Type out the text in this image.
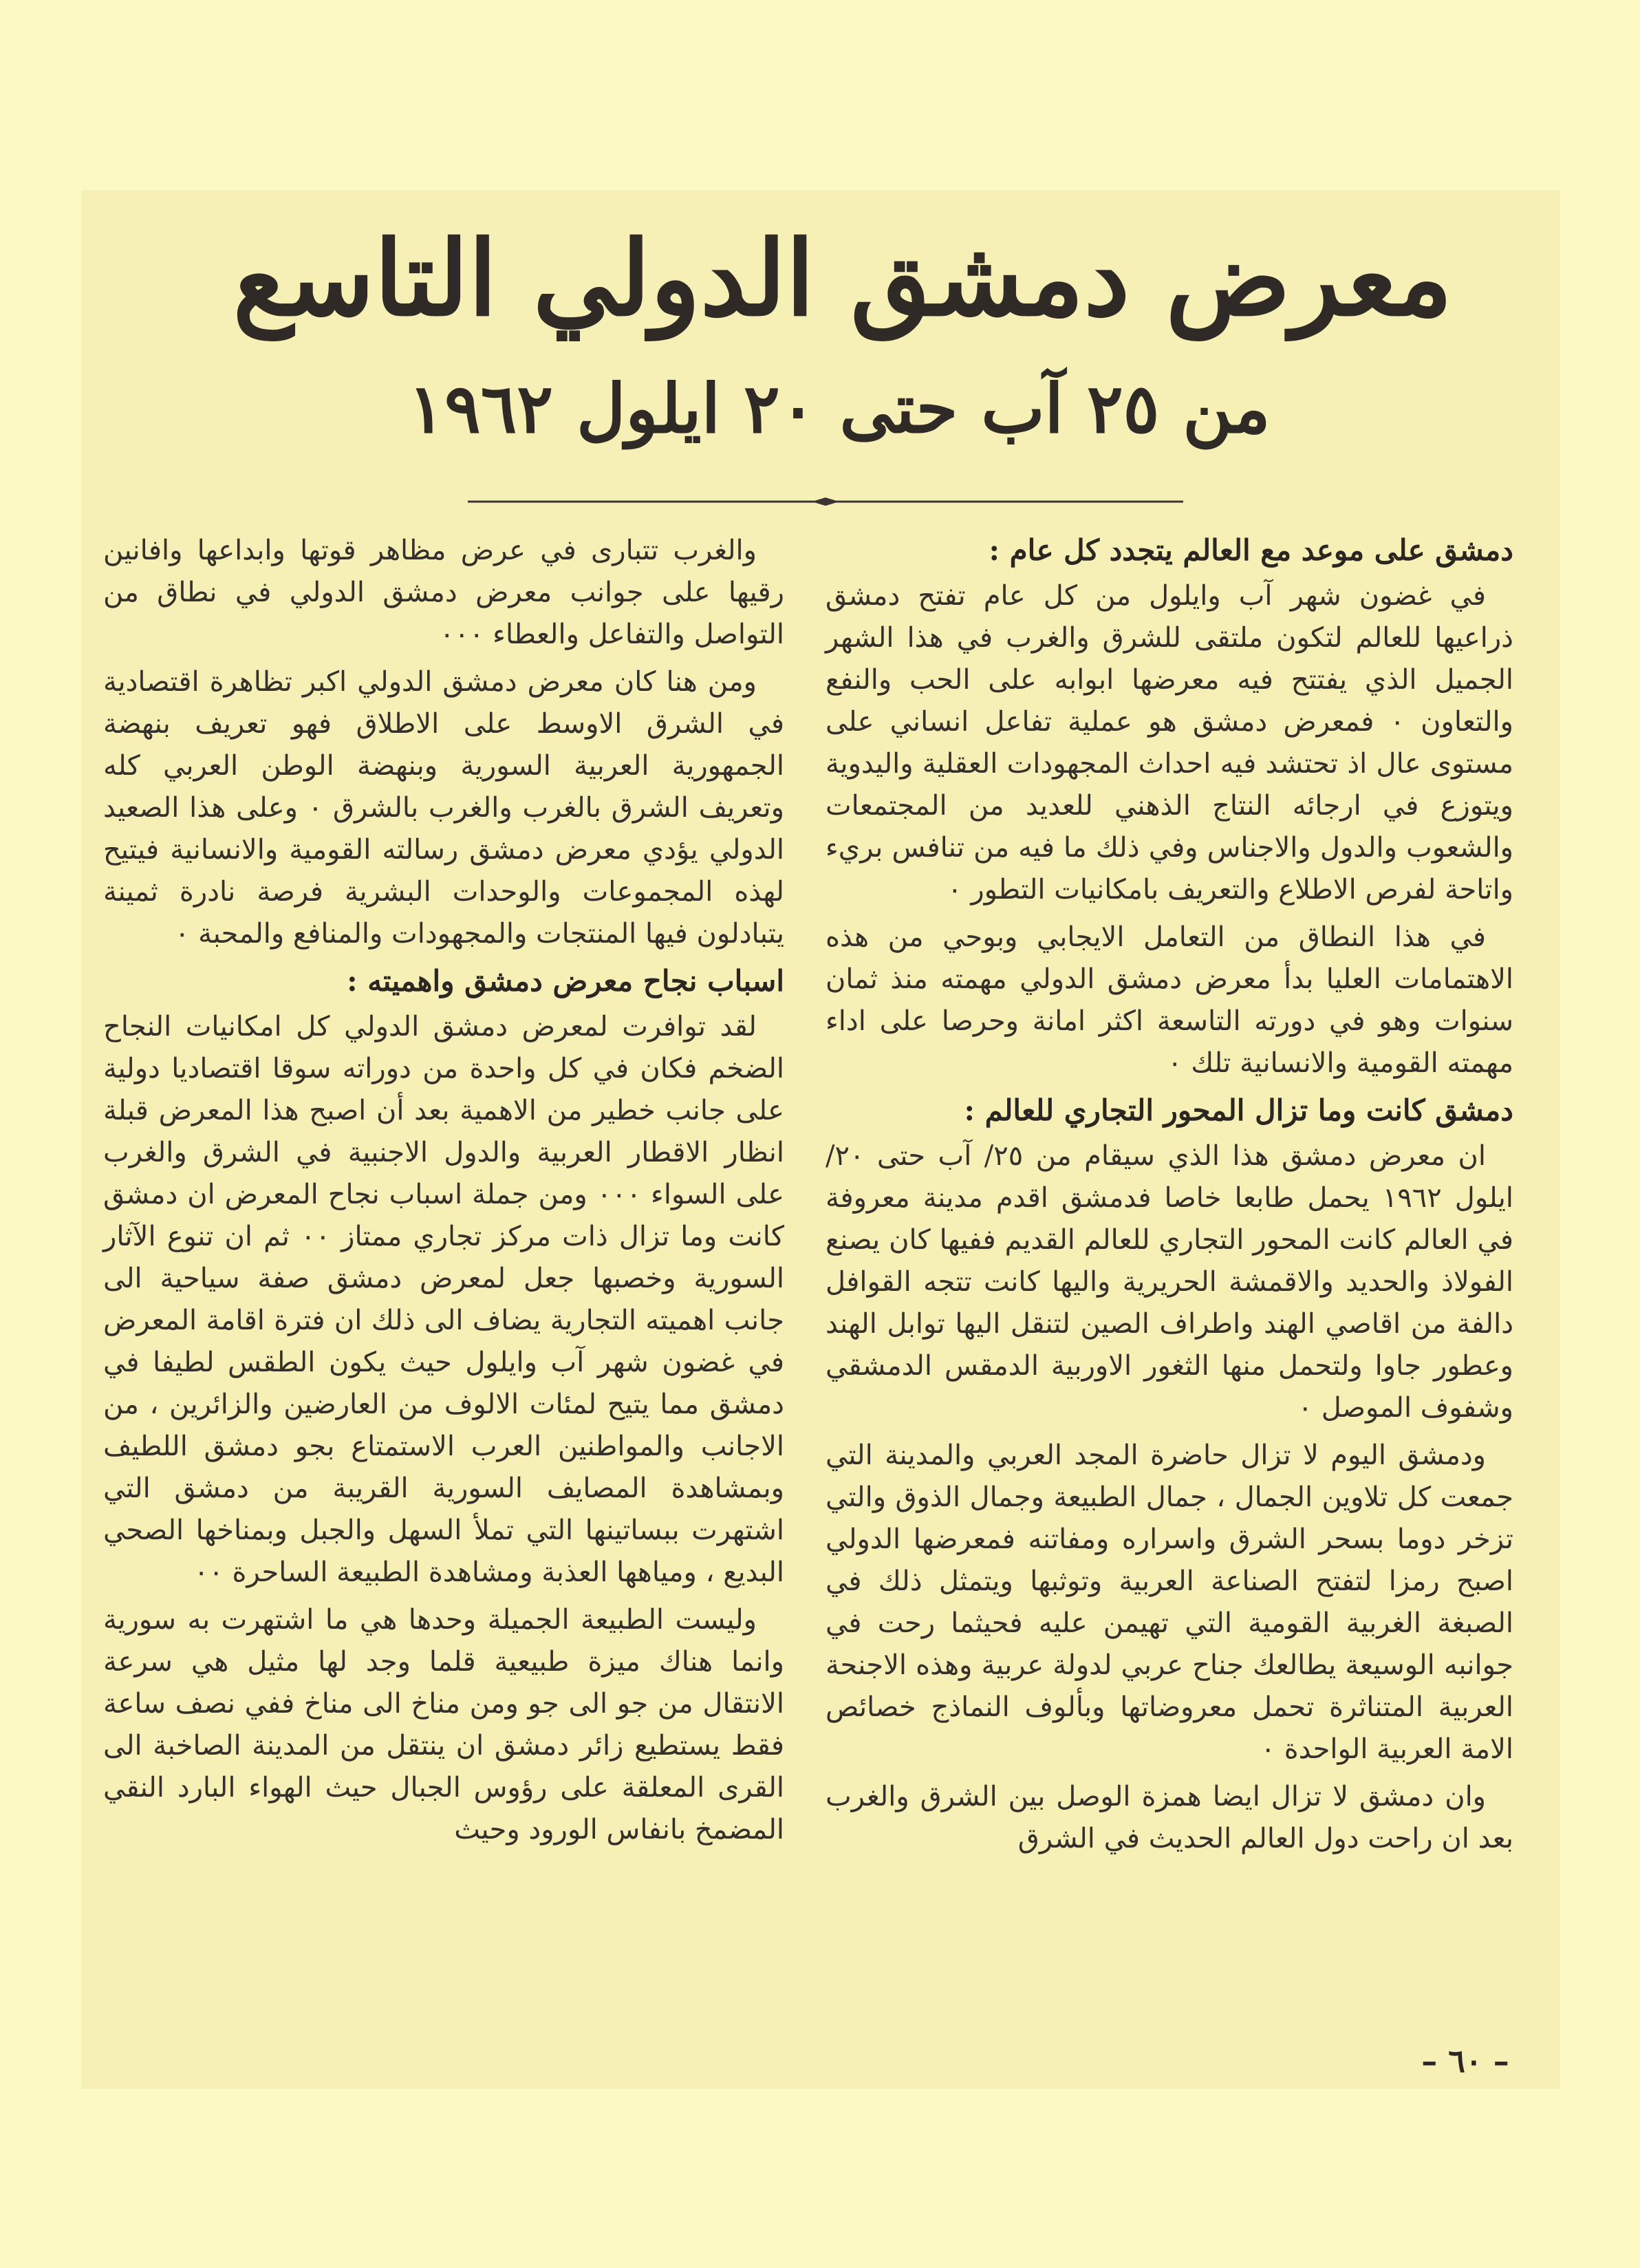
معرض دمشق الدولي التاسع
من ٢٥ آب حتى ٢٠ ايلول ١٩٦٢
دمشق على موعد مع العالم يتجدد كل عام :

في غضون شهر آب وايلول من كل عام تفتح دمشق ذراعيها للعالم لتكون ملتقى للشرق والغرب في هذا الشهر الجميل الذي يفتتح فيه معرضها ابوابه على الحب والنفع والتعاون ٠ فمعرض دمشق هو عملية تفاعل انساني على مستوى عال اذ تحتشد فيه احداث المجهودات العقلية واليدوية ويتوزع في ارجائه النتاج الذهني للعديد من المجتمعات والشعوب والدول والاجناس وفي ذلك ما فيه من تنافس بريء واتاحة لفرص الاطلاع والتعريف بامكانيات التطور ٠

في هذا النطاق من التعامل الايجابي وبوحي من هذه الاهتمامات العليا بدأ معرض دمشق الدولي مهمته منذ ثمان سنوات وهو في دورته التاسعة اكثر امانة وحرصا على اداء مهمته القومية والانسانية تلك ٠

دمشق كانت وما تزال المحور التجاري للعالم :

ان معرض دمشق هذا الذي سيقام من ٢٥/ آب حتى ٢٠/ ايلول ١٩٦٢ يحمل طابعا خاصا فدمشق اقدم مدينة معروفة في العالم كانت المحور التجاري للعالم القديم ففيها كان يصنع الفولاذ والحديد والاقمشة الحريرية واليها كانت تتجه القوافل دالفة من اقاصي الهند واطراف الصين لتنقل اليها توابل الهند وعطور جاوا ولتحمل منها الثغور الاوربية الدمقس الدمشقي وشفوف الموصل ٠

ودمشق اليوم لا تزال حاضرة المجد العربي والمدينة التي جمعت كل تلاوين الجمال ، جمال الطبيعة وجمال الذوق والتي تزخر دوما بسحر الشرق واسراره ومفاتنه فمعرضها الدولي اصبح رمزا لتفتح الصناعة العربية وتوثبها ويتمثل ذلك في الصبغة الغربية القومية التي تهيمن عليه فحيثما رحت في جوانبه الوسيعة يطالعك جناح عربي لدولة عربية وهذه الاجنحة العربية المتناثرة تحمل معروضاتها وبألوف النماذج خصائص الامة العربية الواحدة ٠

وان دمشق لا تزال ايضا همزة الوصل بين الشرق والغرب بعد ان راحت دول العالم الحديث في الشرق

والغرب تتبارى في عرض مظاهر قوتها وابداعها وافانين رقيها على جوانب معرض دمشق الدولي في نطاق من التواصل والتفاعل والعطاء ٠٠٠

ومن هنا كان معرض دمشق الدولي اكبر تظاهرة اقتصادية في الشرق الاوسط على الاطلاق فهو تعريف بنهضة الجمهورية العربية السورية وبنهضة الوطن العربي كله وتعريف الشرق بالغرب والغرب بالشرق ٠ وعلى هذا الصعيد الدولي يؤدي معرض دمشق رسالته القومية والانسانية فيتيح لهذه المجموعات والوحدات البشرية فرصة نادرة ثمينة يتبادلون فيها المنتجات والمجهودات والمنافع والمحبة ٠

اسباب نجاح معرض دمشق واهميته :

لقد توافرت لمعرض دمشق الدولي كل امكانيات النجاح الضخم فكان في كل واحدة من دوراته سوقا اقتصاديا دولية على جانب خطير من الاهمية بعد أن اصبح هذا المعرض قبلة انظار الاقطار العربية والدول الاجنبية في الشرق والغرب على السواء ٠٠٠ ومن جملة اسباب نجاح المعرض ان دمشق كانت وما تزال ذات مركز تجاري ممتاز ٠٠ ثم ان تنوع الآثار السورية وخصبها جعل لمعرض دمشق صفة سياحية الى جانب اهميته التجارية يضاف الى ذلك ان فترة اقامة المعرض في غضون شهر آب وايلول حيث يكون الطقس لطيفا في دمشق مما يتيح لمئات الالوف من العارضين والزائرين ، من الاجانب والمواطنين العرب الاستمتاع بجو دمشق اللطيف وبمشاهدة المصايف السورية القريبة من دمشق التي اشتهرت ببساتينها التي تملأ السهل والجبل وبمناخها الصحي البديع ، ومياهها العذبة ومشاهدة الطبيعة الساحرة ٠٠

وليست الطبيعة الجميلة وحدها هي ما اشتهرت به سورية وانما هناك ميزة طبيعية قلما وجد لها مثيل هي سرعة الانتقال من جو الى جو ومن مناخ الى مناخ ففي نصف ساعة فقط يستطيع زائر دمشق ان ينتقل من المدينة الصاخبة الى القرى المعلقة على رؤوس الجبال حيث الهواء البارد النقي المضمخ بانفاس الورود وحيث

– ٦٠ –
